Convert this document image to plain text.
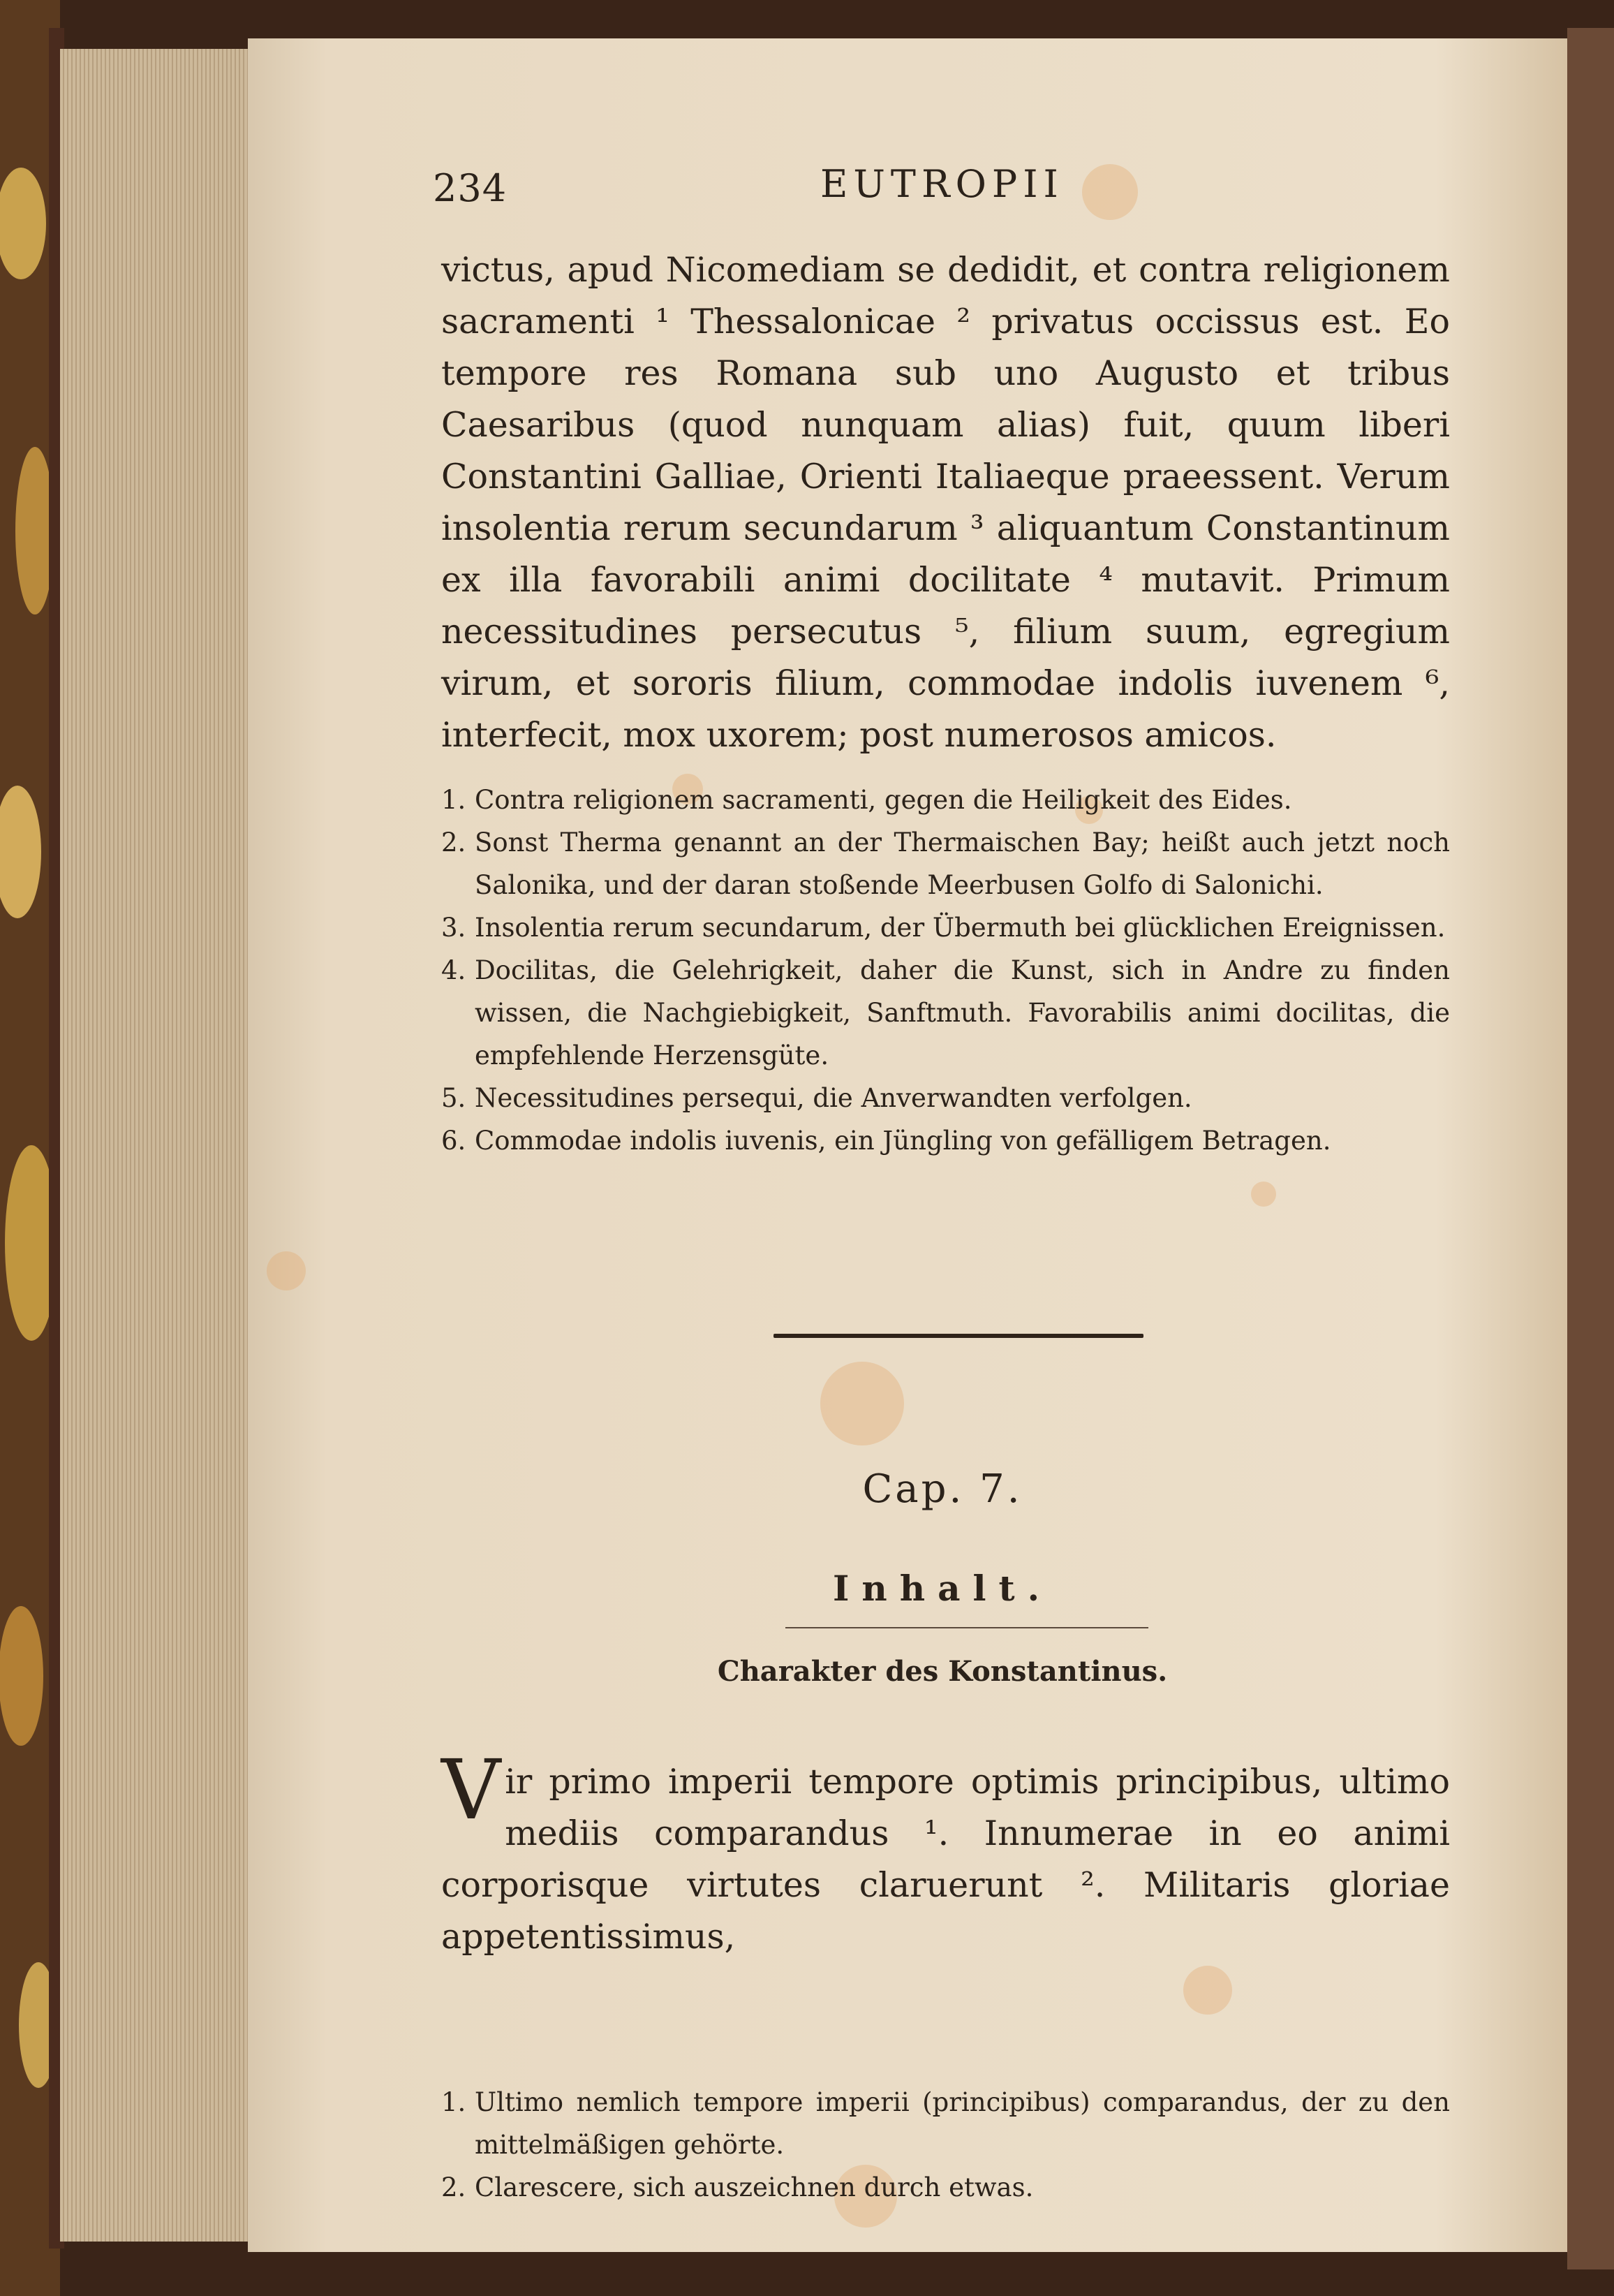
234	EUTROPII

victus, apud Nicomediam se dedidit, et contra religionem sacramenti ¹ Thessalonicae ² privatus occissus est. Eo tempore res Romana sub uno Augusto et tribus Caesaribus (quod nunquam alias) fuit, quum liberi Constantini Galliae, Orienti Italiaeque praeessent. Verum insolentia rerum secundarum ³ aliquantum Constantinum ex illa favorabili animi docilitate ⁴ mutavit. Primum necessitudines persecutus ⁵, filium suum, egregium virum, et sororis filium, commodae indolis iuvenem ⁶, interfecit, mox uxorem; post numerosos amicos.

1. Contra religionem sacramenti, gegen die Heiligkeit des Eides.
2. Sonst Therma genannt an der Thermaischen Bay; heißt auch jetzt noch Salonika, und der daran stoßende Meerbusen Golfo di Salonichi.
3. Insolentia rerum secundarum, der Übermuth bei glücklichen Ereignissen.
4. Docilitas, die Gelehrigkeit, daher die Kunst, sich in Andre zu finden wissen, die Nachgiebigkeit, Sanftmuth. Favorabilis animi docilitas, die empfehlende Herzensgüte.
5. Necessitudines persequi, die Anverwandten verfolgen.
6. Commodae indolis iuvenis, ein Jüngling von gefälligem Betragen.
Cap. 7.
Inhalt.
Charakter des Konstantinus.
Vir primo imperii tempore optimis principibus, ultimo mediis comparandus ¹. Innumerae in eo animi corporisque virtutes claruerunt ². Militaris gloriae appetentissimus,
1. Ultimo nemlich tempore imperii (principibus) comparandus, der zu den mittelmäßigen gehörte.
2. Clarescere, sich auszeichnen durch etwas.
